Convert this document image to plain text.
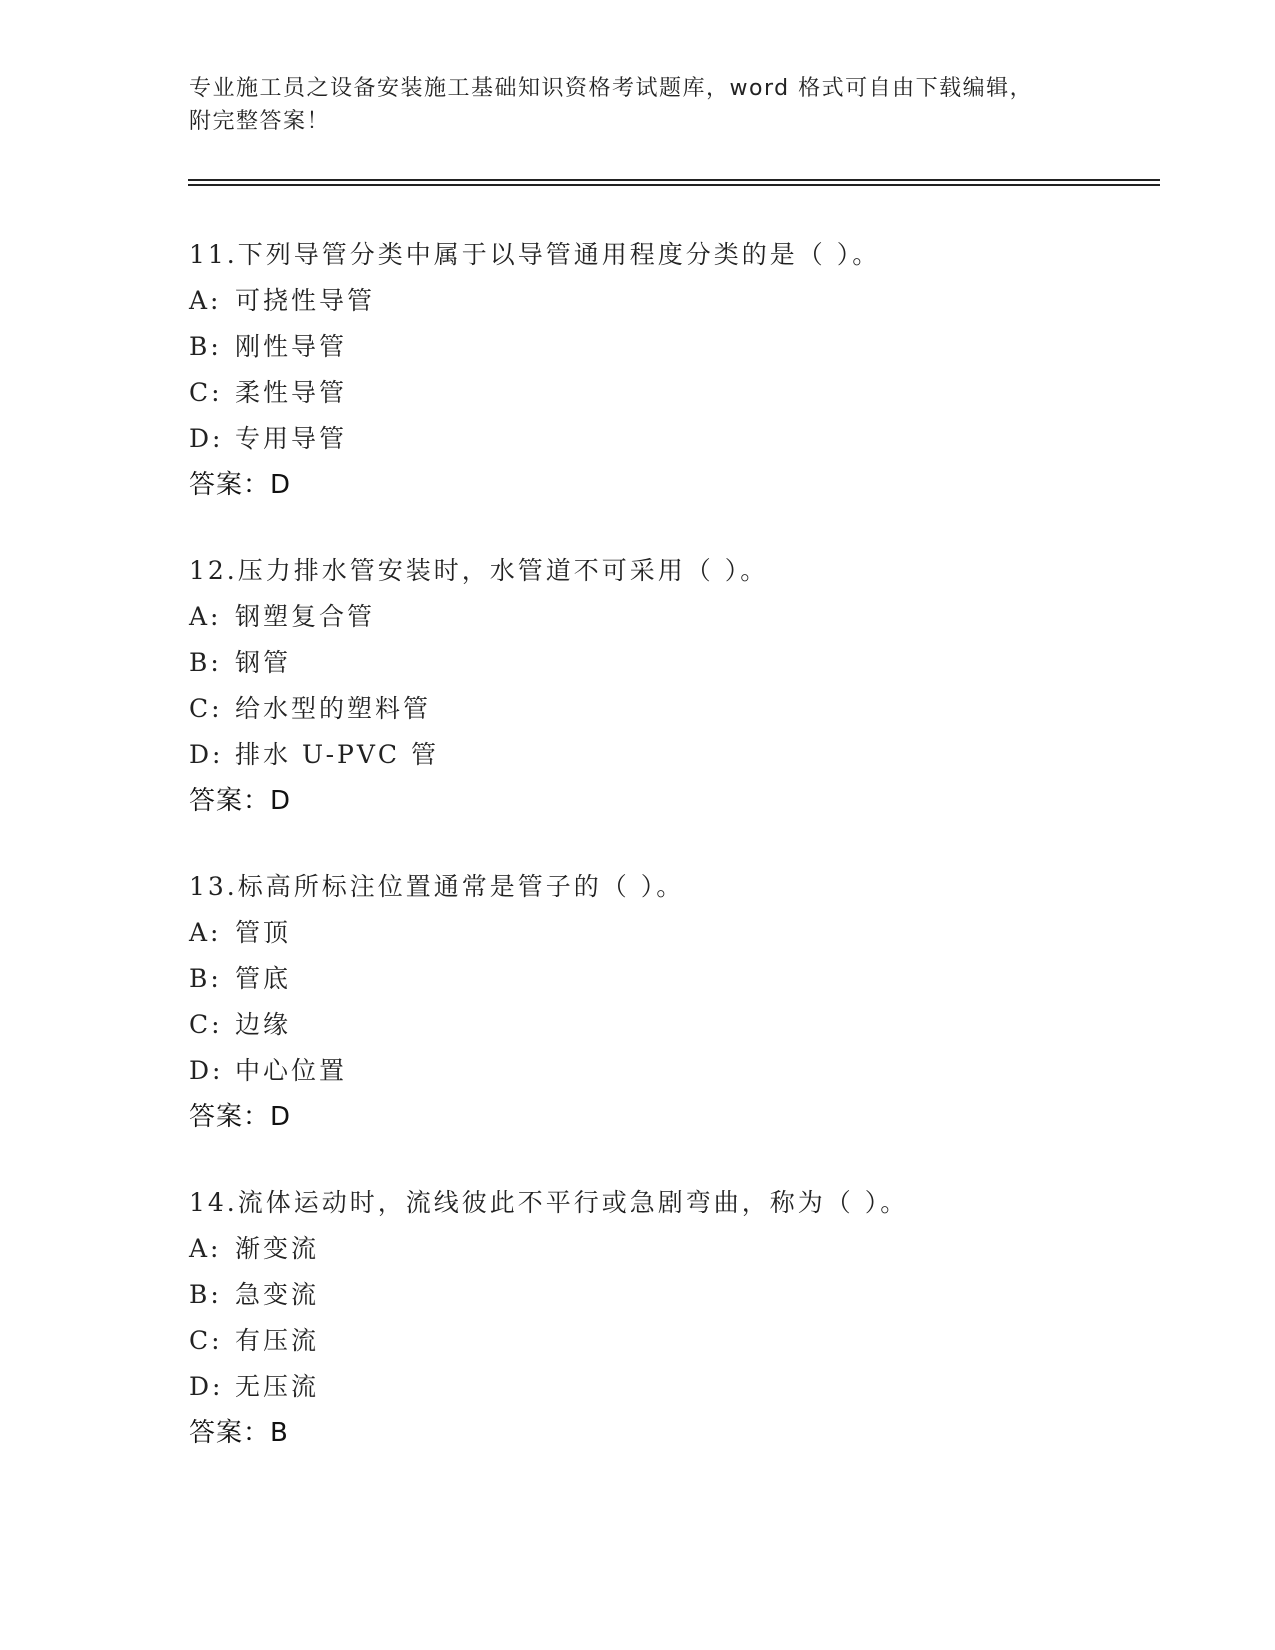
专业施工员之设备安装施工基础知识资格考试题库，word 格式可自由下载编辑，
附完整答案！
11.下列导管分类中属于以导管通用程度分类的是（ ）。
A: 可挠性导管
B: 刚性导管
C: 柔性导管
D: 专用导管
答案：D
12.压力排水管安装时，水管道不可采用（ ）。
A: 钢塑复合管
B: 钢管
C: 给水型的塑料管
D: 排水 U-PVC 管
答案：D
13.标高所标注位置通常是管子的（ ）。
A: 管顶
B: 管底
C: 边缘
D: 中心位置
答案：D
14.流体运动时，流线彼此不平行或急剧弯曲，称为（ ）。
A: 渐变流
B: 急变流
C: 有压流
D: 无压流
答案：B
